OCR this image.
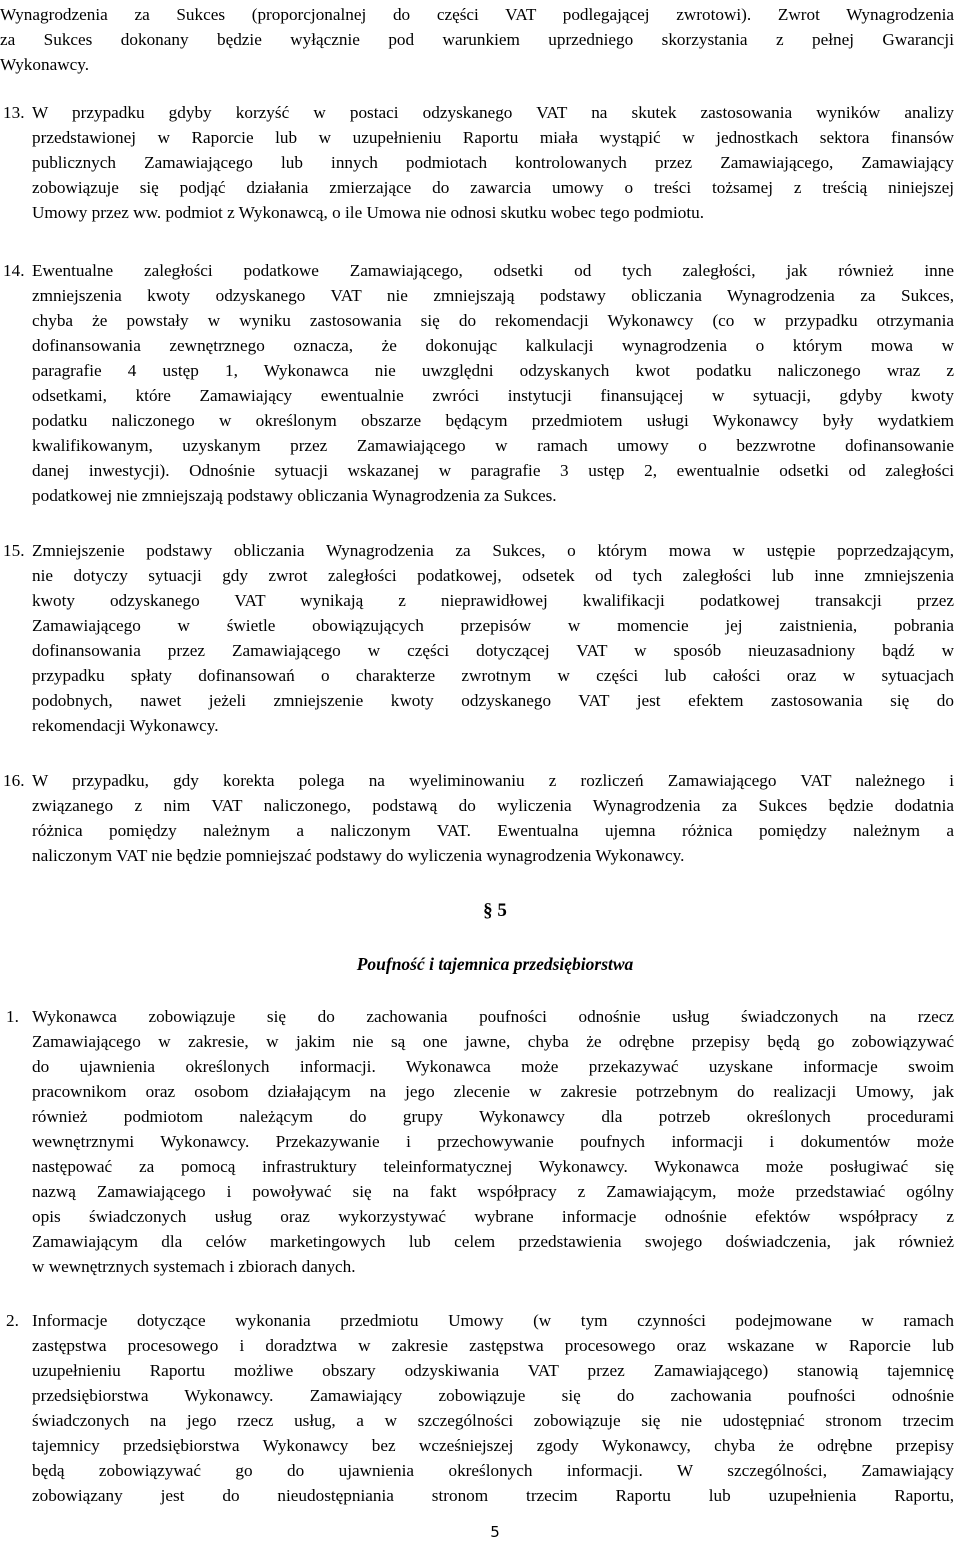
Wynagrodzenia za Sukces (proporcjonalnej do części VAT podlegającej zwrotowi). Zwrot Wynagrodzenia
za Sukces dokonany będzie wyłącznie pod warunkiem uprzedniego skorzystania z pełnej Gwarancji
Wykonawcy.
13. W przypadku gdyby korzyść w postaci odzyskanego VAT na skutek zastosowania wyników analizy
przedstawionej w Raporcie lub w uzupełnieniu Raportu miała wystąpić w jednostkach sektora finansów
publicznych Zamawiającego lub innych podmiotach kontrolowanych przez Zamawiającego, Zamawiający
zobowiązuje się podjąć działania zmierzające do zawarcia umowy o treści tożsamej z treścią niniejszej
Umowy przez ww. podmiot z Wykonawcą, o ile Umowa nie odnosi skutku wobec tego podmiotu.
14. Ewentualne zaległości podatkowe Zamawiającego, odsetki od tych zaległości, jak również inne
zmniejszenia kwoty odzyskanego VAT nie zmniejszają podstawy obliczania Wynagrodzenia za Sukces,
chyba że powstały w wyniku zastosowania się do rekomendacji Wykonawcy (co w przypadku otrzymania
dofinansowania zewnętrznego oznacza, że dokonując kalkulacji wynagrodzenia o którym mowa w
paragrafie 4 ustęp 1, Wykonawca nie uwzględni odzyskanych kwot podatku naliczonego wraz z
odsetkami, które Zamawiający ewentualnie zwróci instytucji finansującej w sytuacji, gdyby kwoty
podatku naliczonego w określonym obszarze będącym przedmiotem usługi Wykonawcy były wydatkiem
kwalifikowanym, uzyskanym przez Zamawiającego w ramach umowy o bezzwrotne dofinansowanie
danej inwestycji). Odnośnie sytuacji wskazanej w paragrafie 3 ustęp 2, ewentualnie odsetki od zaległości
podatkowej nie zmniejszają podstawy obliczania Wynagrodzenia za Sukces.
15. Zmniejszenie podstawy obliczania Wynagrodzenia za Sukces, o którym mowa w ustępie poprzedzającym,
nie dotyczy sytuacji gdy zwrot zaległości podatkowej, odsetek od tych zaległości lub inne zmniejszenia
kwoty odzyskanego VAT wynikają z nieprawidłowej kwalifikacji podatkowej transakcji przez
Zamawiającego w świetle obowiązujących przepisów w momencie jej zaistnienia, pobrania
dofinansowania przez Zamawiającego w części dotyczącej VAT w sposób nieuzasadniony bądź w
przypadku spłaty dofinansowań o charakterze zwrotnym w części lub całości oraz w sytuacjach
podobnych, nawet jeżeli zmniejszenie kwoty odzyskanego VAT jest efektem zastosowania się do
rekomendacji Wykonawcy.
16. W przypadku, gdy korekta polega na wyeliminowaniu z rozliczeń Zamawiającego VAT należnego i
związanego z nim VAT naliczonego, podstawą do wyliczenia Wynagrodzenia za Sukces będzie dodatnia
różnica pomiędzy należnym a naliczonym VAT. Ewentualna ujemna różnica pomiędzy należnym a
naliczonym VAT nie będzie pomniejszać podstawy do wyliczenia wynagrodzenia Wykonawcy.
§ 5
Poufność i tajemnica przedsiębiorstwa
1. Wykonawca zobowiązuje się do zachowania poufności odnośnie usług świadczonych na rzecz
Zamawiającego w zakresie, w jakim nie są one jawne, chyba że odrębne przepisy będą go zobowiązywać
do ujawnienia określonych informacji. Wykonawca może przekazywać uzyskane informacje swoim
pracownikom oraz osobom działającym na jego zlecenie w zakresie potrzebnym do realizacji Umowy, jak
również podmiotom należącym do grupy Wykonawcy dla potrzeb określonych procedurami
wewnętrznymi Wykonawcy. Przekazywanie i przechowywanie poufnych informacji i dokumentów może
następować za pomocą infrastruktury teleinformatycznej Wykonawcy. Wykonawca może posługiwać się
nazwą Zamawiającego i powoływać się na fakt współpracy z Zamawiającym, może przedstawiać ogólny
opis świadczonych usług oraz wykorzystywać wybrane informacje odnośnie efektów współpracy z
Zamawiającym dla celów marketingowych lub celem przedstawienia swojego doświadczenia, jak również
w wewnętrznych systemach i zbiorach danych.
2. Informacje dotyczące wykonania przedmiotu Umowy (w tym czynności podejmowane w ramach
zastępstwa procesowego i doradztwa w zakresie zastępstwa procesowego oraz wskazane w Raporcie lub
uzupełnieniu Raportu możliwe obszary odzyskiwania VAT przez Zamawiającego) stanowią tajemnicę
przedsiębiorstwa Wykonawcy. Zamawiający zobowiązuje się do zachowania poufności odnośnie
świadczonych na jego rzecz usług, a w szczególności zobowiązuje się nie udostępniać stronom trzecim
tajemnicy przedsiębiorstwa Wykonawcy bez wcześniejszej zgody Wykonawcy, chyba że odrębne przepisy
będą zobowiązywać go do ujawnienia określonych informacji. W szczególności, Zamawiający
zobowiązany jest do nieudostępniania stronom trzecim Raportu lub uzupełnienia Raportu,
5
